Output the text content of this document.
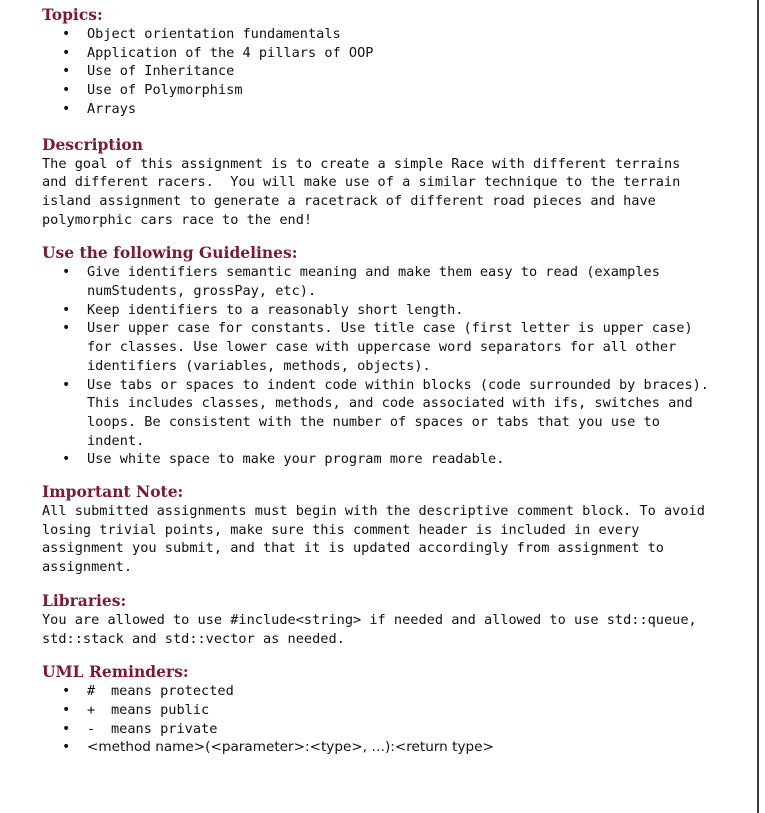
Topics:
• Object orientation fundamentals
• Application of the 4 pillars of OOP
• Use of Inheritance
• Use of Polymorphism
• Arrays
Description

The goal of this assignment is to create a simple Race with different terrains

and different racers.  You will make use of a similar technique to the terrain

island assignment to generate a racetrack of different road pieces and have

polymorphic cars race to the end!

Use the following Guidelines:
• Give identifiers semantic meaning and make them easy to read (examples
numStudents, grossPay, etc).
• Keep identifiers to a reasonably short length.
• User upper case for constants. Use title case (first letter is upper case)
for classes. Use lower case with uppercase word separators for all other
identifiers (variables, methods, objects).
• Use tabs or spaces to indent code within blocks (code surrounded by braces).
This includes classes, methods, and code associated with ifs, switches and
loops. Be consistent with the number of spaces or tabs that you use to
indent.
• Use white space to make your program more readable.
Important Note:

All submitted assignments must begin with the descriptive comment block. To avoid

losing trivial points, make sure this comment header is included in every

assignment you submit, and that it is updated accordingly from assignment to

assignment.

Libraries:

You are allowed to use #include<string> if needed and allowed to use std::queue,

std::stack and std::vector as needed.

UML Reminders:
• # means protected
• + means public
• - means private
• <method name>(<parameter>:<type>, …):<return type>
